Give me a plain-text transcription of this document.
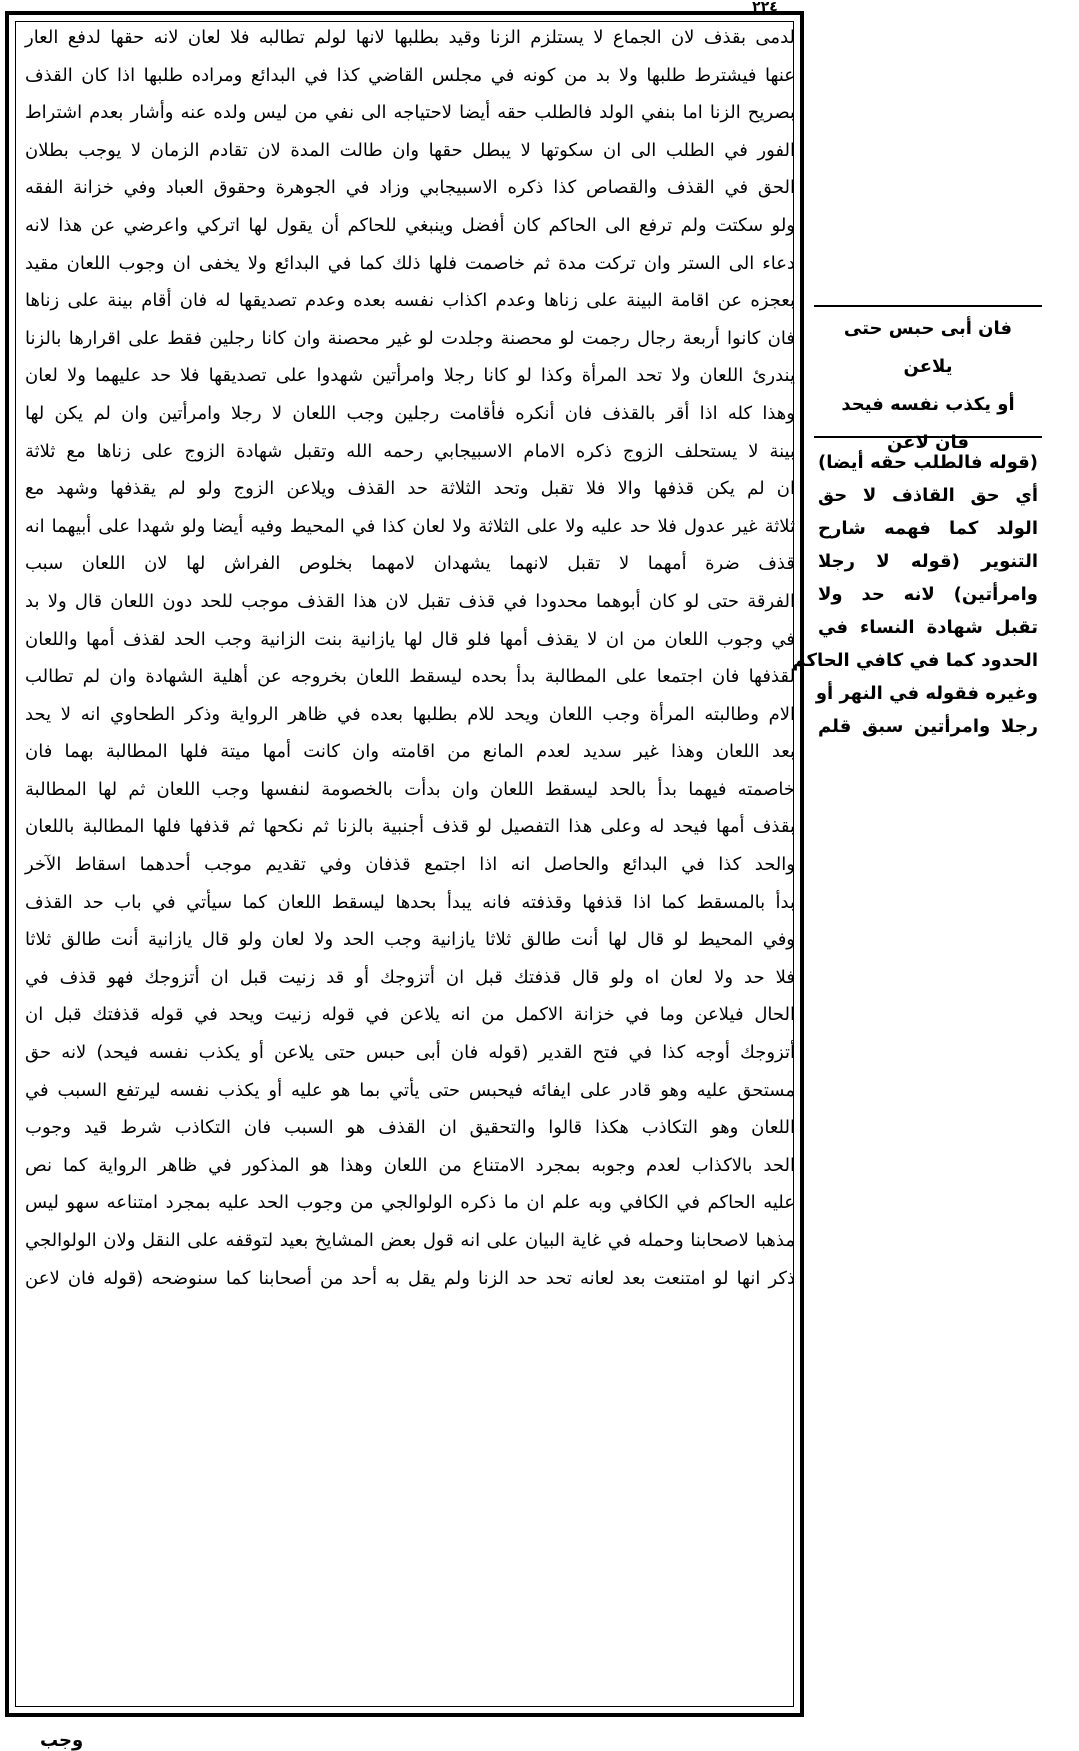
٢٢٤
لدمى بقذف لان الجماع لا يستلزم الزنا وقيد بطلبها لانها لولم تطالبه فلا لعان لانه حقها لدفع العار
عنها فيشترط طلبها ولا بد من كونه في مجلس القاضي كذا في البدائع ومراده طلبها اذا كان القذف
بصريح الزنا اما بنفي الولد فالطلب حقه أيضا لاحتياجه الى نفي من ليس ولده عنه وأشار بعدم اشتراط
الفور في الطلب الى ان سكوتها لا يبطل حقها وان طالت المدة لان تقادم الزمان لا يوجب بطلان
الحق في القذف والقصاص كذا ذكره الاسبيجابي وزاد في الجوهرة وحقوق العباد وفي خزانة الفقه
ولو سكتت ولم ترفع الى الحاكم كان أفضل وينبغي للحاكم أن يقول لها اتركي واعرضي عن هذا لانه
دعاء الى الستر وان تركت مدة ثم خاصمت فلها ذلك كما في البدائع ولا يخفى ان وجوب اللعان مقيد
بعجزه عن اقامة البينة على زناها وعدم اكذاب نفسه بعده وعدم تصديقها له فان أقام بينة على زناها
فان كانوا أربعة رجال رجمت لو محصنة وجلدت لو غير محصنة وان كانا رجلين فقط على اقرارها بالزنا
يندرئ اللعان ولا تحد المرأة وكذا لو كانا رجلا وامرأتين شهدوا على تصديقها فلا حد عليهما ولا لعان
وهذا كله اذا أقر بالقذف فان أنكره فأقامت رجلين وجب اللعان لا رجلا وامرأتين وان لم يكن لها
بينة لا يستحلف الزوج ذكره الامام الاسبيجابي رحمه الله وتقبل شهادة الزوج على زناها مع ثلاثة
ان لم يكن قذفها والا فلا تقبل وتحد الثلاثة حد القذف ويلاعن الزوج ولو لم يقذفها وشهد مع
ثلاثة غير عدول فلا حد عليه ولا على الثلاثة ولا لعان كذا في المحيط وفيه أيضا ولو شهدا على أبيهما انه
قذف ضرة أمهما لا تقبل لانهما يشهدان لامهما بخلوص الفراش لها لان اللعان سبب
الفرقة حتى لو كان أبوهما محدودا في قذف تقبل لان هذا القذف موجب للحد دون اللعان قال ولا بد
في وجوب اللعان من ان لا يقذف أمها فلو قال لها يازانية بنت الزانية وجب الحد لقذف أمها واللعان
لقذفها فان اجتمعا على المطالبة بدأ بحده ليسقط اللعان بخروجه عن أهلية الشهادة وان لم تطالب
الام وطالبته المرأة وجب اللعان ويحد للام بطلبها بعده في ظاهر الرواية وذكر الطحاوي انه لا يحد
بعد اللعان وهذا غير سديد لعدم المانع من اقامته وان كانت أمها ميتة فلها المطالبة بهما فان
خاصمته فيهما بدأ بالحد ليسقط اللعان وان بدأت بالخصومة لنفسها وجب اللعان ثم لها المطالبة
بقذف أمها فيحد له وعلى هذا التفصيل لو قذف أجنبية بالزنا ثم نكحها ثم قذفها فلها المطالبة باللعان
والحد كذا في البدائع والحاصل انه اذا اجتمع قذفان وفي تقديم موجب أحدهما اسقاط الآخر
بدأ بالمسقط كما اذا قذفها وقذفته فانه يبدأ بحدها ليسقط اللعان كما سيأتي في باب حد القذف
وفي المحيط لو قال لها أنت طالق ثلاثا يازانية وجب الحد ولا لعان ولو قال يازانية أنت طالق ثلاثا
فلا حد ولا لعان اه ولو قال قذفتك قبل ان أتزوجك أو قد زنيت قبل ان أتزوجك فهو قذف في
الحال فيلاعن وما في خزانة الاكمل من انه يلاعن في قوله زنيت ويحد في قوله قذفتك قبل ان
أتزوجك أوجه كذا في فتح القدير (قوله فان أبى حبس حتى يلاعن أو يكذب نفسه فيحد) لانه حق
مستحق عليه وهو قادر على ايفائه فيحبس حتى يأتي بما هو عليه أو يكذب نفسه ليرتفع السبب في
اللعان وهو التكاذب هكذا قالوا والتحقيق ان القذف هو السبب فان التكاذب شرط قيد وجوب
الحد بالاكذاب لعدم وجوبه بمجرد الامتناع من اللعان وهذا هو المذكور في ظاهر الرواية كما نص
عليه الحاكم في الكافي وبه علم ان ما ذكره الولوالجي من وجوب الحد عليه بمجرد امتناعه سهو ليس
مذهبا لاصحابنا وحمله في غاية البيان على انه قول بعض المشايخ بعيد لتوقفه على النقل ولان الولوالجي
ذكر انها لو امتنعت بعد لعانه تحد حد الزنا ولم يقل به أحد من أصحابنا كما سنوضحه (قوله فان لاعن
وجب
فان أبى حبس حتى يلاعن
أو يكذب نفسه فيحد
فان لاعن
(قوله فالطلب حقه أيضا)
أي حق القاذف لا حق
الولد كما فهمه شارح
التنوير (قوله لا رجلا
وامرأتين) لانه حد ولا
تقبل شهادة النساء في
الحدود كما في كافي الحاكم
وغيره فقوله في النهر أو
رجلا وامرأتين سبق قلم
